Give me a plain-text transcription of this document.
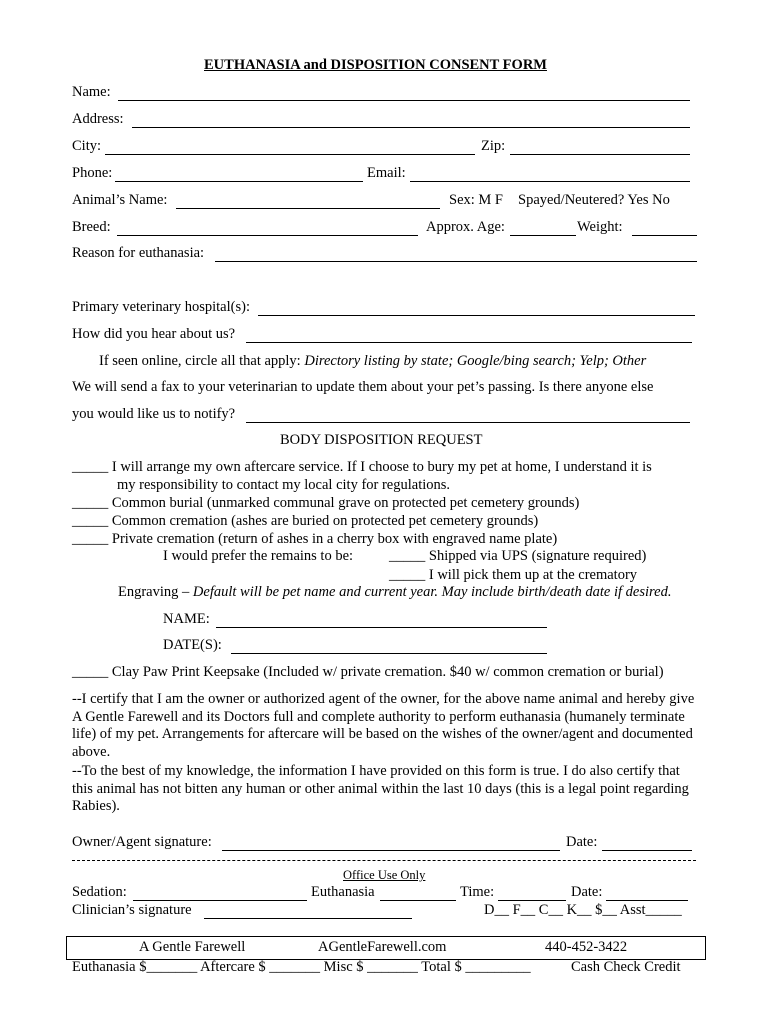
EUTHANASIA and DISPOSITION CONSENT FORM
Name:
Address:
City:	Zip:
Phone:	Email:
Animal’s Name:	Sex: M F Spayed/Neutered? Yes No
Breed:	Approx. Age:	Weight:
Reason for euthanasia:
Primary veterinary hospital(s):
How did you hear about us?
If seen online, circle all that apply: Directory listing by state; Google/bing search; Yelp; Other
We will send a fax to your veterinarian to update them about your pet’s passing. Is there anyone else
you would like us to notify?
BODY DISPOSITION REQUEST
_____ I will arrange my own aftercare service. If I choose to bury my pet at home, I understand it is
my responsibility to contact my local city for regulations.
_____ Common burial (unmarked communal grave on protected pet cemetery grounds)
_____ Common cremation (ashes are buried on protected pet cemetery grounds)
_____ Private cremation (return of ashes in a cherry box with engraved name plate)
I would prefer the remains to be: _____ Shipped via UPS (signature required)
_____ I will pick them up at the crematory
Engraving – Default will be pet name and current year. May include birth/death date if desired.
NAME:
DATE(S):
_____ Clay Paw Print Keepsake (Included w/ private cremation. $40 w/ common cremation or burial)
--I certify that I am the owner or authorized agent of the owner, for the above name animal and hereby give A Gentle Farewell and its Doctors full and complete authority to perform euthanasia (humanely terminate life) of my pet. Arrangements for aftercare will be based on the wishes of the owner/agent and documented above.
--To the best of my knowledge, the information I have provided on this form is true. I do also certify that this animal has not bitten any human or other animal within the last 10 days (this is a legal point regarding Rabies).
Owner/Agent signature:	Date:
Office Use Only
Sedation:	Euthanasia	Time:	Date:
Clinician’s signature	D__ F__ C__ K__ $__ Asst_____
A Gentle Farewell	AGentleFarewell.com	440-452-3422
Euthanasia $_______ Aftercare $ _______ Misc $ _______ Total $ _________	Cash Check Credit
